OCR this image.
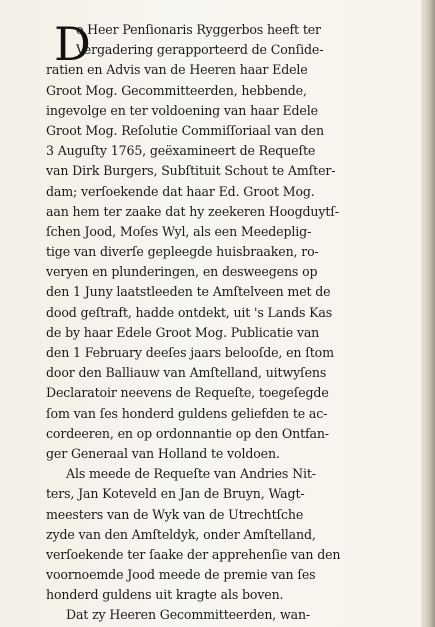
D
e Heer Penſionaris Ryggerbos heeft ter
Vergadering gerapporteerd de Conſide-
ratien en Advis van de Heeren haar Edele
Groot Mog. Gecommitteerden, hebbende,
ingevolge en ter voldoening van haar Edele
Groot Mog. Reſolutie Commiſſoriaal van den
3 Auguſty 1765, geëxamineert de Requeſte
van Dirk Burgers, Subſtituit Schout te Amſter-
dam; verſoekende dat haar Ed. Groot Mog.
aan hem ter zaake dat hy zeekeren Hoogduytſ-
ſchen Jood, Moſes Wyl, als een Meedeplig-
tige van diverſe gepleegde huisbraaken, ro-
veryen en plunderingen, en desweegens op
den 1 Juny laatstleeden te Amſtelveen met de
dood geſtraft, hadde ontdekt, uit 's Lands Kas
de by haar Edele Groot Mog. Publicatie van
den 1 February deeſes jaars belooſde, en ſtom
door den Balliauw van Amſtelland, uitwyſens
Declaratoir neevens de Requeſte, toegeſegde
ſom van ſes honderd guldens geliefden te ac-
cordeeren, en op ordonnantie op den Ontfan-
ger Generaal van Holland te voldoen.
Als meede de Requeſte van Andries Nit-
ters, Jan Koteveld en Jan de Bruyn, Wagt-
meesters van de Wyk van de Utrechtſche
zyde van den Amſteldyk, onder Amſtelland,
verſoekende ter ſaake der apprehenſie van den
voornoemde Jood meede de premie van ſes
honderd guldens uit kragte als boven.
Dat zy Heeren Gecommitteerden, wan-
